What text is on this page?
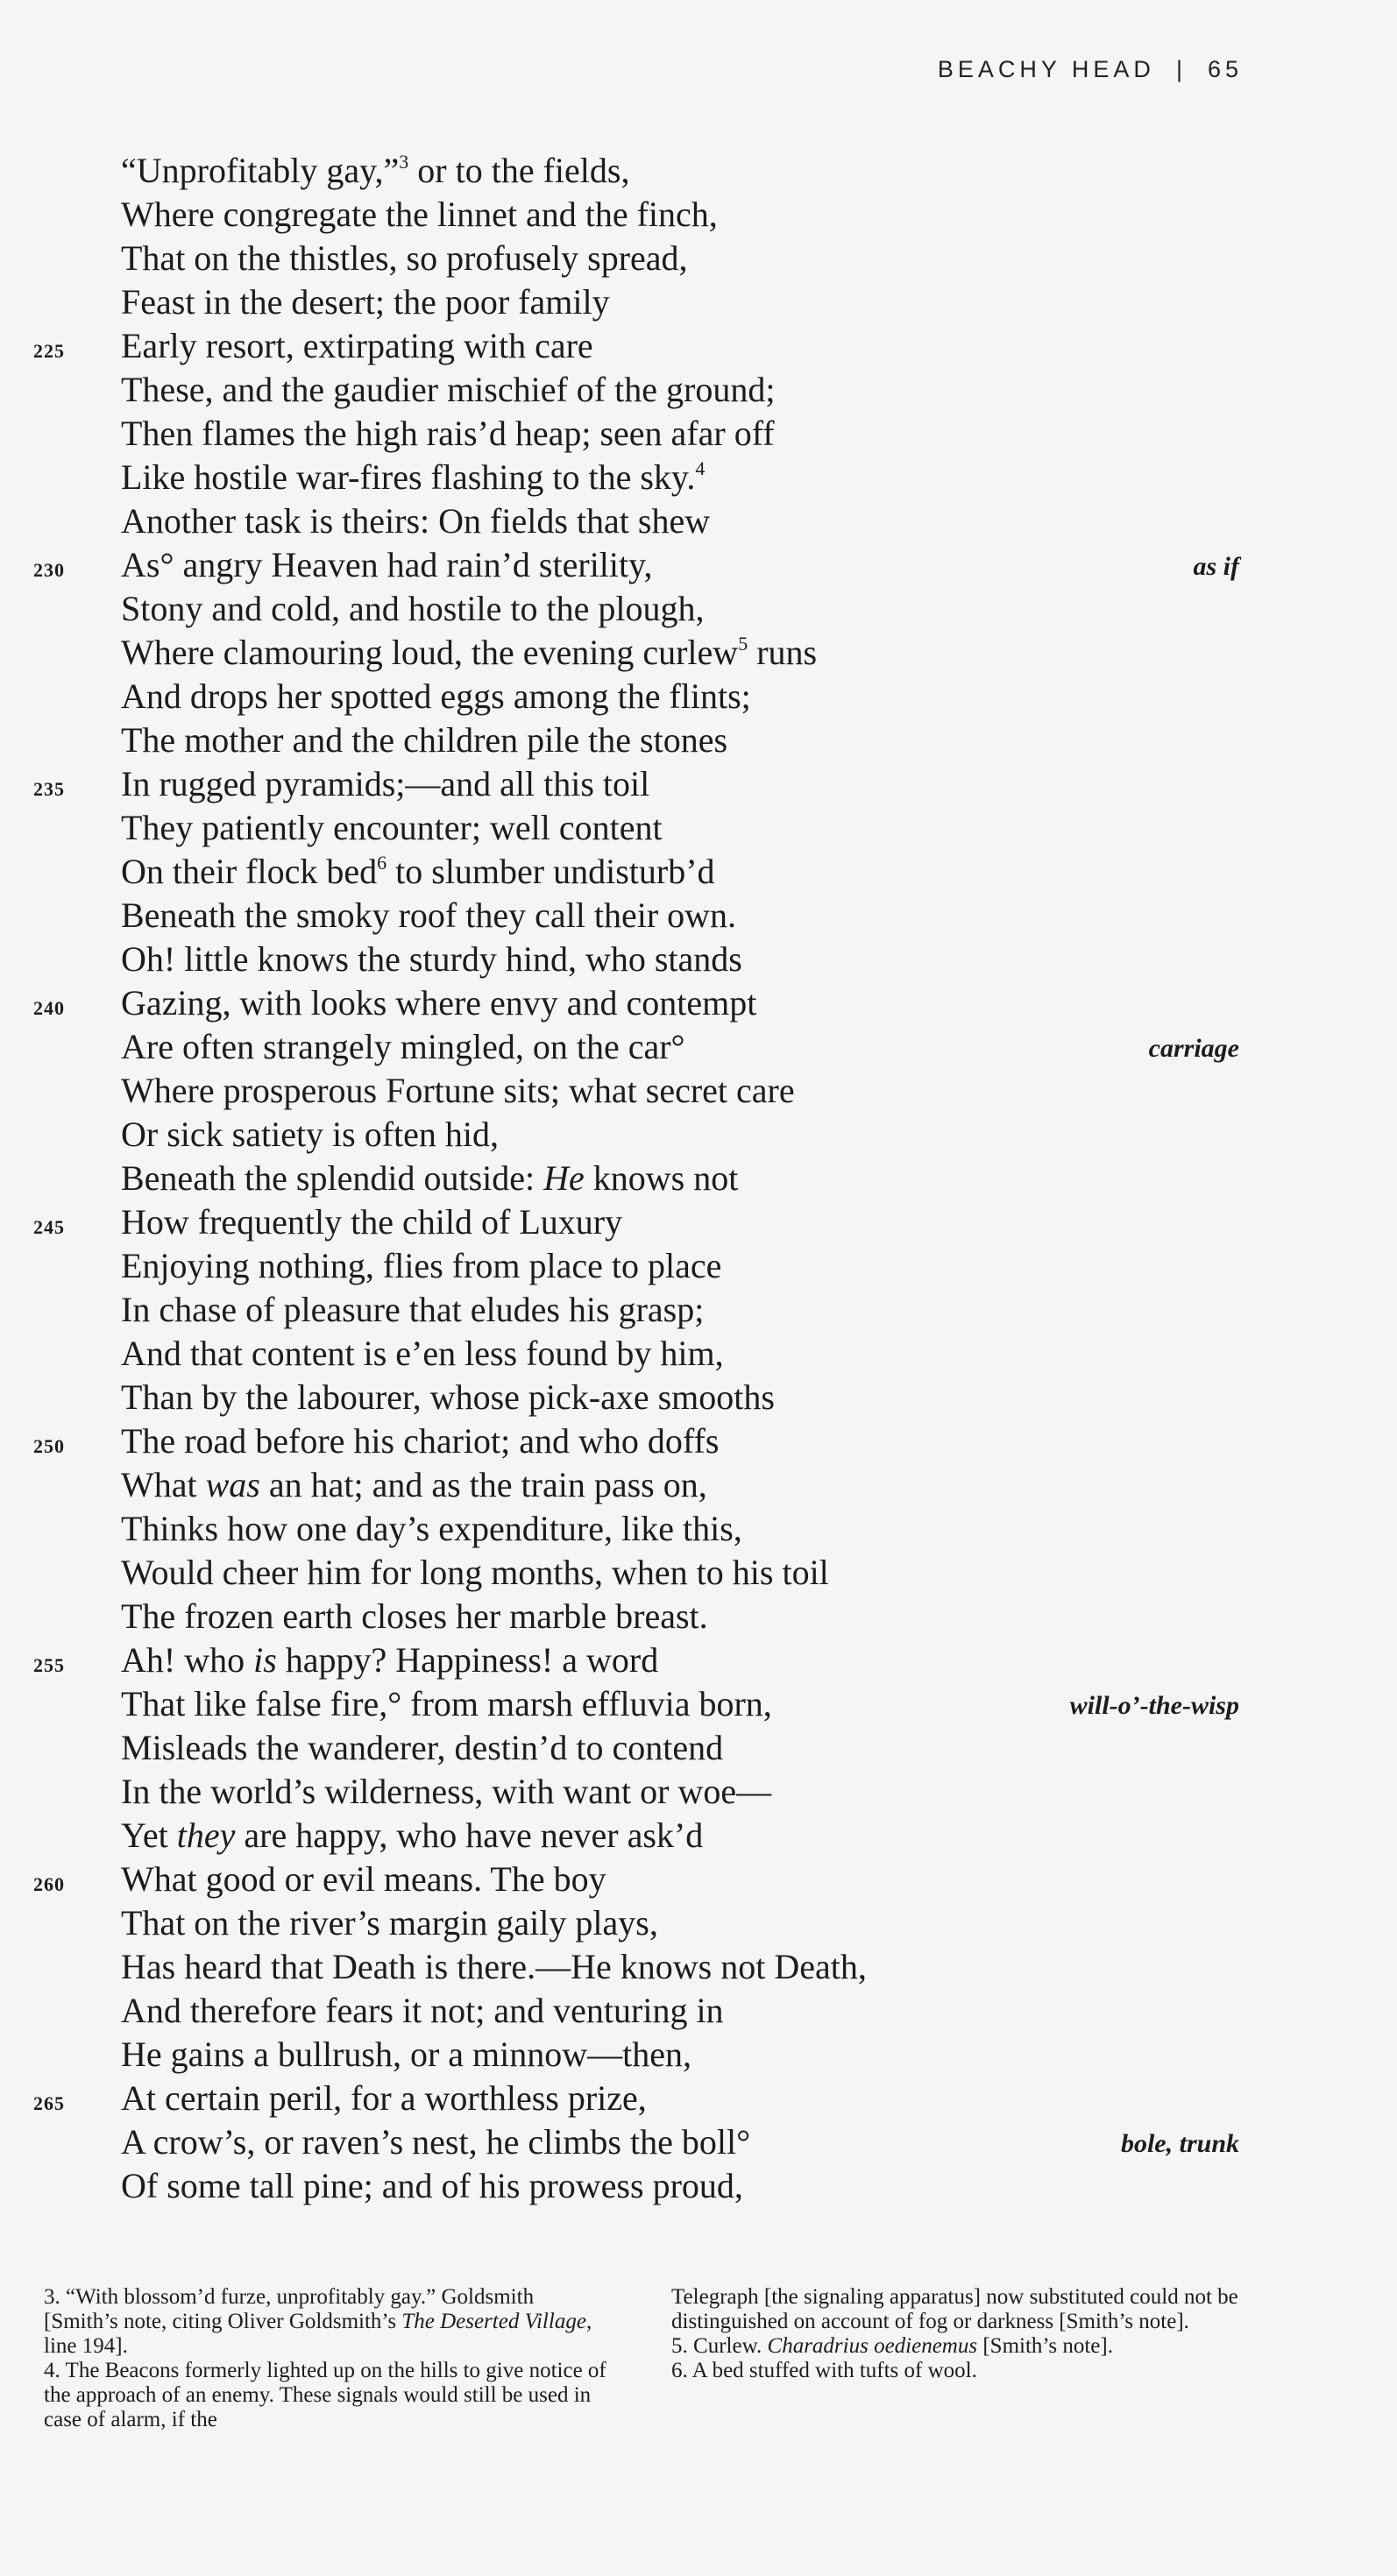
BEACHY HEAD | 65
“Unprofitably gay,”$^3$ or to the fields,
Where congregate the linnet and the finch,
That on the thistles, so profusely spread,
Feast in the desert; the poor family
225 Early resort, extirpating with care
These, and the gaudier mischief of the ground;
Then flames the high rais’d heap; seen afar off
Like hostile war-fires flashing to the sky.$^4$
Another task is theirs: On fields that shew
230 As° angry Heaven had rain’d sterility,	as if
Stony and cold, and hostile to the plough,
Where clamouring loud, the evening curlew$^5$ runs
And drops her spotted eggs among the flints;
The mother and the children pile the stones
235 In rugged pyramids;—and all this toil
They patiently encounter; well content
On their flock bed$^6$ to slumber undisturb’d
Beneath the smoky roof they call their own.
Oh! little knows the sturdy hind, who stands
240 Gazing, with looks where envy and contempt
Are often strangely mingled, on the car°	carriage
Where prosperous Fortune sits; what secret care
Or sick satiety is often hid,
Beneath the splendid outside: He knows not
245 How frequently the child of Luxury
Enjoying nothing, flies from place to place
In chase of pleasure that eludes his grasp;
And that content is e’en less found by him,
Than by the labourer, whose pick-axe smooths
250 The road before his chariot; and who doffs
What was an hat; and as the train pass on,
Thinks how one day’s expenditure, like this,
Would cheer him for long months, when to his toil
The frozen earth closes her marble breast.
255 Ah! who is happy? Happiness! a word
That like false fire,° from marsh effluvia born,	will-o’-the-wisp
Misleads the wanderer, destin’d to contend
In the world’s wilderness, with want or woe—
Yet they are happy, who have never ask’d
260 What good or evil means. The boy
That on the river’s margin gaily plays,
Has heard that Death is there.—He knows not Death,
And therefore fears it not; and venturing in
He gains a bullrush, or a minnow—then,
265 At certain peril, for a worthless prize,
A crow’s, or raven’s nest, he climbs the boll°	bole, trunk
Of some tall pine; and of his prowess proud,

3. “With blossom’d furze, unprofitably gay.” Goldsmith [Smith’s note, citing Oliver Goldsmith’s The Deserted Village, line 194].

4. The Beacons formerly lighted up on the hills to give notice of the approach of an enemy. These signals would still be used in case of alarm, if the

Telegraph [the signaling apparatus] now substituted could not be distinguished on account of fog or darkness [Smith’s note].

5. Curlew. Charadrius oedienemus [Smith’s note].

6. A bed stuffed with tufts of wool.
